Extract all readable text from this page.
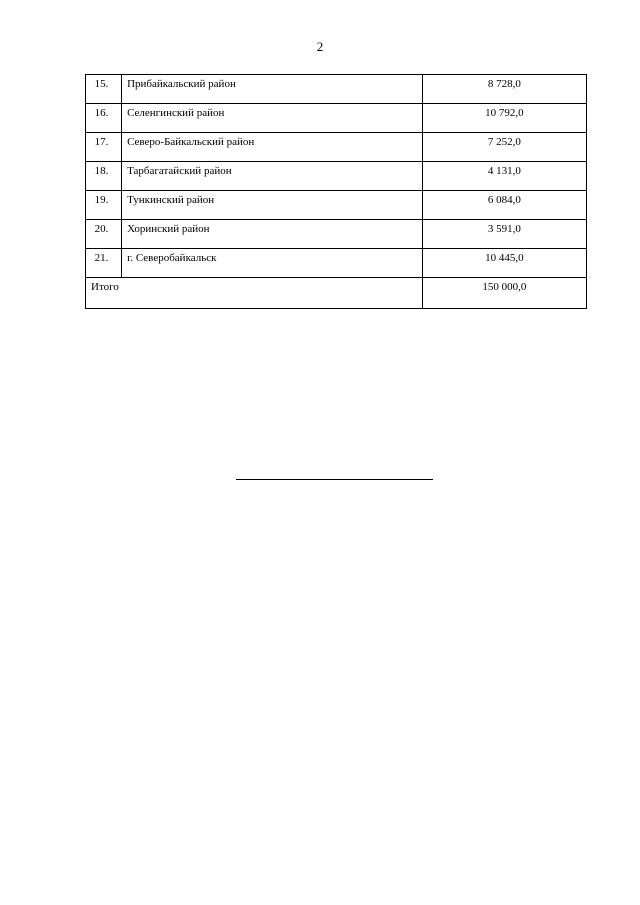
2
15.	Прибайкальский район	8 728,0
16.	Селенгинский район	10 792,0
17.	Северо-Байкальский район	7 252,0
18.	Тарбагатайский район	4 131,0
19.	Тункинский район	6 084,0
20.	Хоринский район	3 591,0
21.	г. Северобайкальск	10 445,0
Итого		150 000,0
